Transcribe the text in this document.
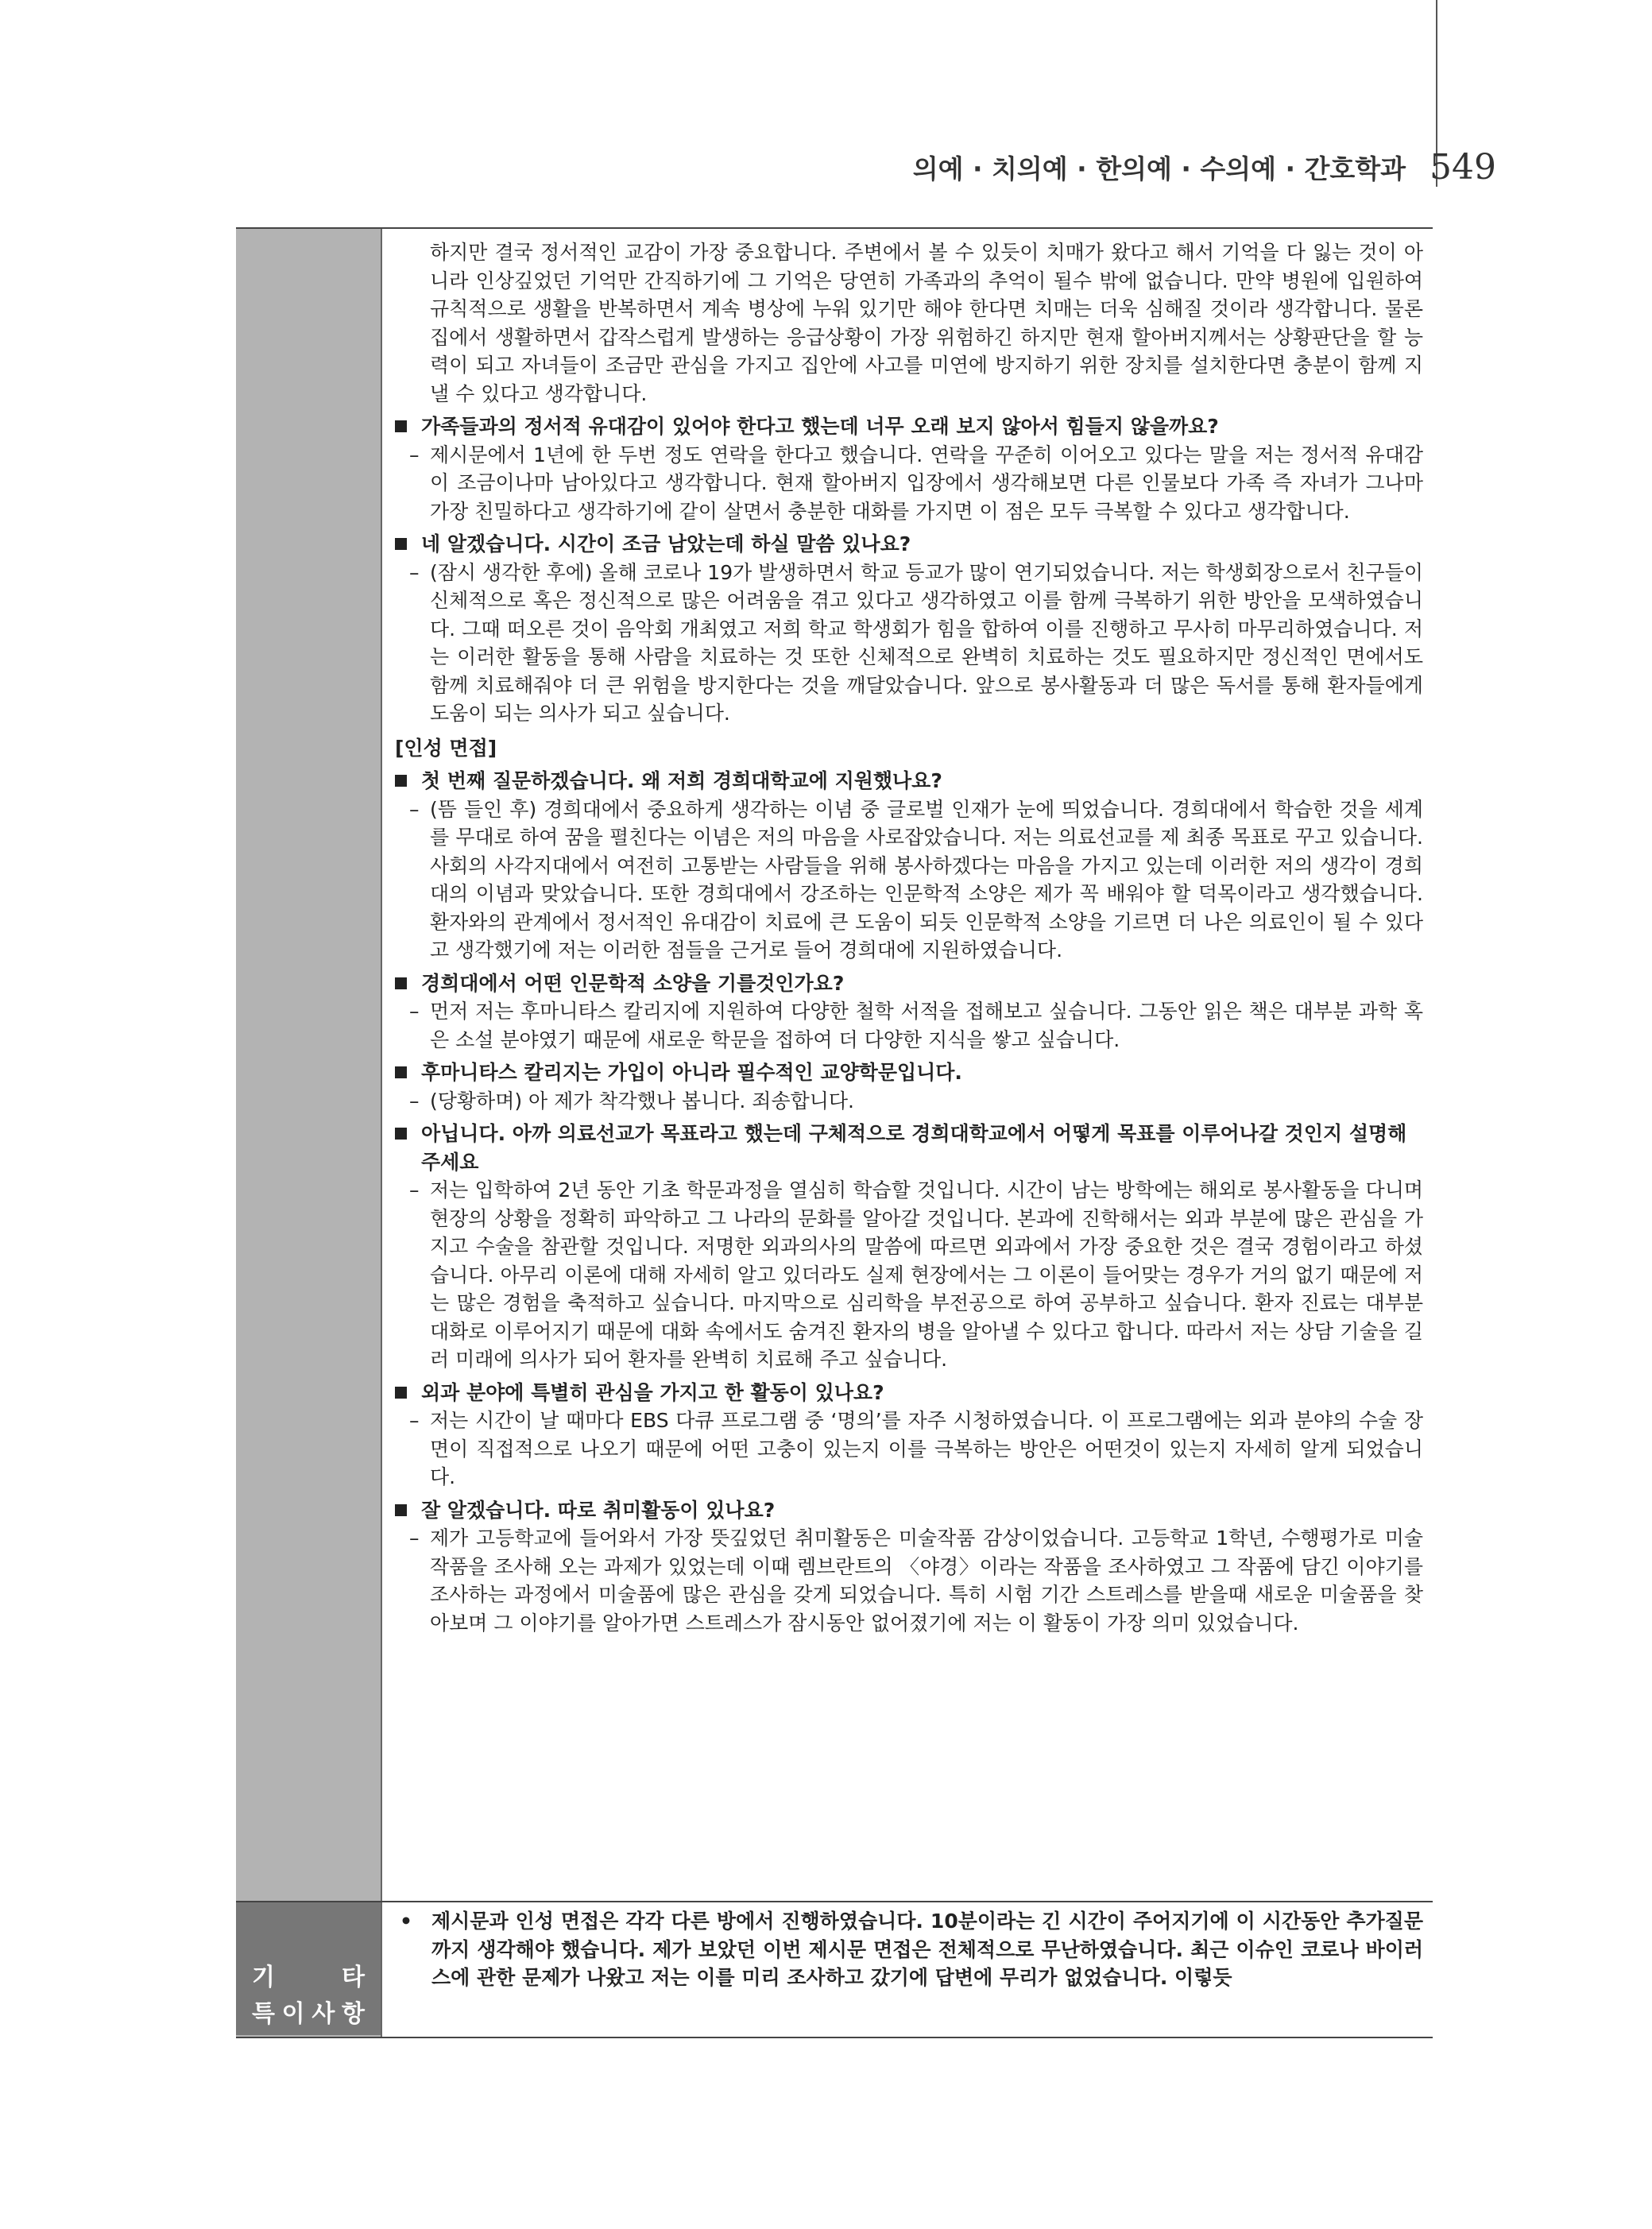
의예 · 치의예 · 한의예 · 수의예 · 간호학과 549
기	타
특 이 사 항
하지만 결국 정서적인 교감이 가장 중요합니다. 주변에서 볼 수 있듯이 치매가 왔다고 해서 기억을 다 잃는 것이 아니라 인상깊었던 기억만 간직하기에 그 기억은 당연히 가족과의 추억이 될수 밖에 없습니다. 만약 병원에 입원하여 규칙적으로 생활을 반복하면서 계속 병상에 누워 있기만 해야 한다면 치매는 더욱 심해질 것이라 생각합니다. 물론 집에서 생활하면서 갑작스럽게 발생하는 응급상황이 가장 위험하긴 하지만 현재 할아버지께서는 상황판단을 할 능력이 되고 자녀들이 조금만 관심을 가지고 집안에 사고를 미연에 방지하기 위한 장치를 설치한다면 충분이 함께 지낼 수 있다고 생각합니다.
가족들과의 정서적 유대감이 있어야 한다고 했는데 너무 오래 보지 않아서 힘들지 않을까요?
– 제시문에서 1년에 한 두번 정도 연락을 한다고 했습니다. 연락을 꾸준히 이어오고 있다는 말을 저는 정서적 유대감이 조금이나마 남아있다고 생각합니다. 현재 할아버지 입장에서 생각해보면 다른 인물보다 가족 즉 자녀가 그나마 가장 친밀하다고 생각하기에 같이 살면서 충분한 대화를 가지면 이 점은 모두 극복할 수 있다고 생각합니다.
네 알겠습니다. 시간이 조금 남았는데 하실 말씀 있나요?
– (잠시 생각한 후에) 올해 코로나 19가 발생하면서 학교 등교가 많이 연기되었습니다. 저는 학생회장으로서 친구들이 신체적으로 혹은 정신적으로 많은 어려움을 겪고 있다고 생각하였고 이를 함께 극복하기 위한 방안을 모색하였습니다. 그때 떠오른 것이 음악회 개최였고 저희 학교 학생회가 힘을 합하여 이를 진행하고 무사히 마무리하였습니다. 저는 이러한 활동을 통해 사람을 치료하는 것 또한 신체적으로 완벽히 치료하는 것도 필요하지만 정신적인 면에서도 함께 치료해줘야 더 큰 위험을 방지한다는 것을 깨달았습니다. 앞으로 봉사활동과 더 많은 독서를 통해 환자들에게 도움이 되는 의사가 되고 싶습니다.
[인성 면접]
첫 번째 질문하겠습니다. 왜 저희 경희대학교에 지원했나요?
– (뜸 들인 후) 경희대에서 중요하게 생각하는 이념 중 글로벌 인재가 눈에 띄었습니다. 경희대에서 학습한 것을 세계를 무대로 하여 꿈을 펼친다는 이념은 저의 마음을 사로잡았습니다. 저는 의료선교를 제 최종 목표로 꾸고 있습니다. 사회의 사각지대에서 여전히 고통받는 사람들을 위해 봉사하겠다는 마음을 가지고 있는데 이러한 저의 생각이 경희대의 이념과 맞았습니다. 또한 경희대에서 강조하는 인문학적 소양은 제가 꼭 배워야 할 덕목이라고 생각했습니다. 환자와의 관계에서 정서적인 유대감이 치료에 큰 도움이 되듯 인문학적 소양을 기르면 더 나은 의료인이 될 수 있다고 생각했기에 저는 이러한 점들을 근거로 들어 경희대에 지원하였습니다.
경희대에서 어떤 인문학적 소양을 기를것인가요?
– 먼저 저는 후마니타스 칼리지에 지원하여 다양한 철학 서적을 접해보고 싶습니다. 그동안 읽은 책은 대부분 과학 혹은 소설 분야였기 때문에 새로운 학문을 접하여 더 다양한 지식을 쌓고 싶습니다.
후마니타스 칼리지는 가입이 아니라 필수적인 교양학문입니다.
– (당황하며) 아 제가 착각했나 봅니다. 죄송합니다.
아닙니다. 아까 의료선교가 목표라고 했는데 구체적으로 경희대학교에서 어떻게 목표를 이루어나갈 것인지 설명해 주세요
– 저는 입학하여 2년 동안 기초 학문과정을 열심히 학습할 것입니다. 시간이 남는 방학에는 해외로 봉사활동을 다니며 현장의 상황을 정확히 파악하고 그 나라의 문화를 알아갈 것입니다. 본과에 진학해서는 외과 부분에 많은 관심을 가지고 수술을 참관할 것입니다. 저명한 외과의사의 말씀에 따르면 외과에서 가장 중요한 것은 결국 경험이라고 하셨습니다. 아무리 이론에 대해 자세히 알고 있더라도 실제 현장에서는 그 이론이 들어맞는 경우가 거의 없기 때문에 저는 많은 경험을 축적하고 싶습니다. 마지막으로 심리학을 부전공으로 하여 공부하고 싶습니다. 환자 진료는 대부분 대화로 이루어지기 때문에 대화 속에서도 숨겨진 환자의 병을 알아낼 수 있다고 합니다. 따라서 저는 상담 기술을 길러 미래에 의사가 되어 환자를 완벽히 치료해 주고 싶습니다.
외과 분야에 특별히 관심을 가지고 한 활동이 있나요?
– 저는 시간이 날 때마다 EBS 다큐 프로그램 중 ‘명의’를 자주 시청하였습니다. 이 프로그램에는 외과 분야의 수술 장면이 직접적으로 나오기 때문에 어떤 고충이 있는지 이를 극복하는 방안은 어떤것이 있는지 자세히 알게 되었습니다.
잘 알겠습니다. 따로 취미활동이 있나요?
– 제가 고등학교에 들어와서 가장 뜻깊었던 취미활동은 미술작품 감상이었습니다. 고등학교 1학년, 수행평가로 미술작품을 조사해 오는 과제가 있었는데 이때 렘브란트의 〈야경〉이라는 작품을 조사하였고 그 작품에 담긴 이야기를 조사하는 과정에서 미술품에 많은 관심을 갖게 되었습니다. 특히 시험 기간 스트레스를 받을때 새로운 미술품을 찾아보며 그 이야기를 알아가면 스트레스가 잠시동안 없어졌기에 저는 이 활동이 가장 의미 있었습니다.
• 제시문과 인성 면접은 각각 다른 방에서 진행하였습니다. 10분이라는 긴 시간이 주어지기에 이 시간동안 추가질문까지 생각해야 했습니다. 제가 보았던 이번 제시문 면접은 전체적으로 무난하였습니다. 최근 이슈인 코로나 바이러스에 관한 문제가 나왔고 저는 이를 미리 조사하고 갔기에 답변에 무리가 없었습니다. 이렇듯
